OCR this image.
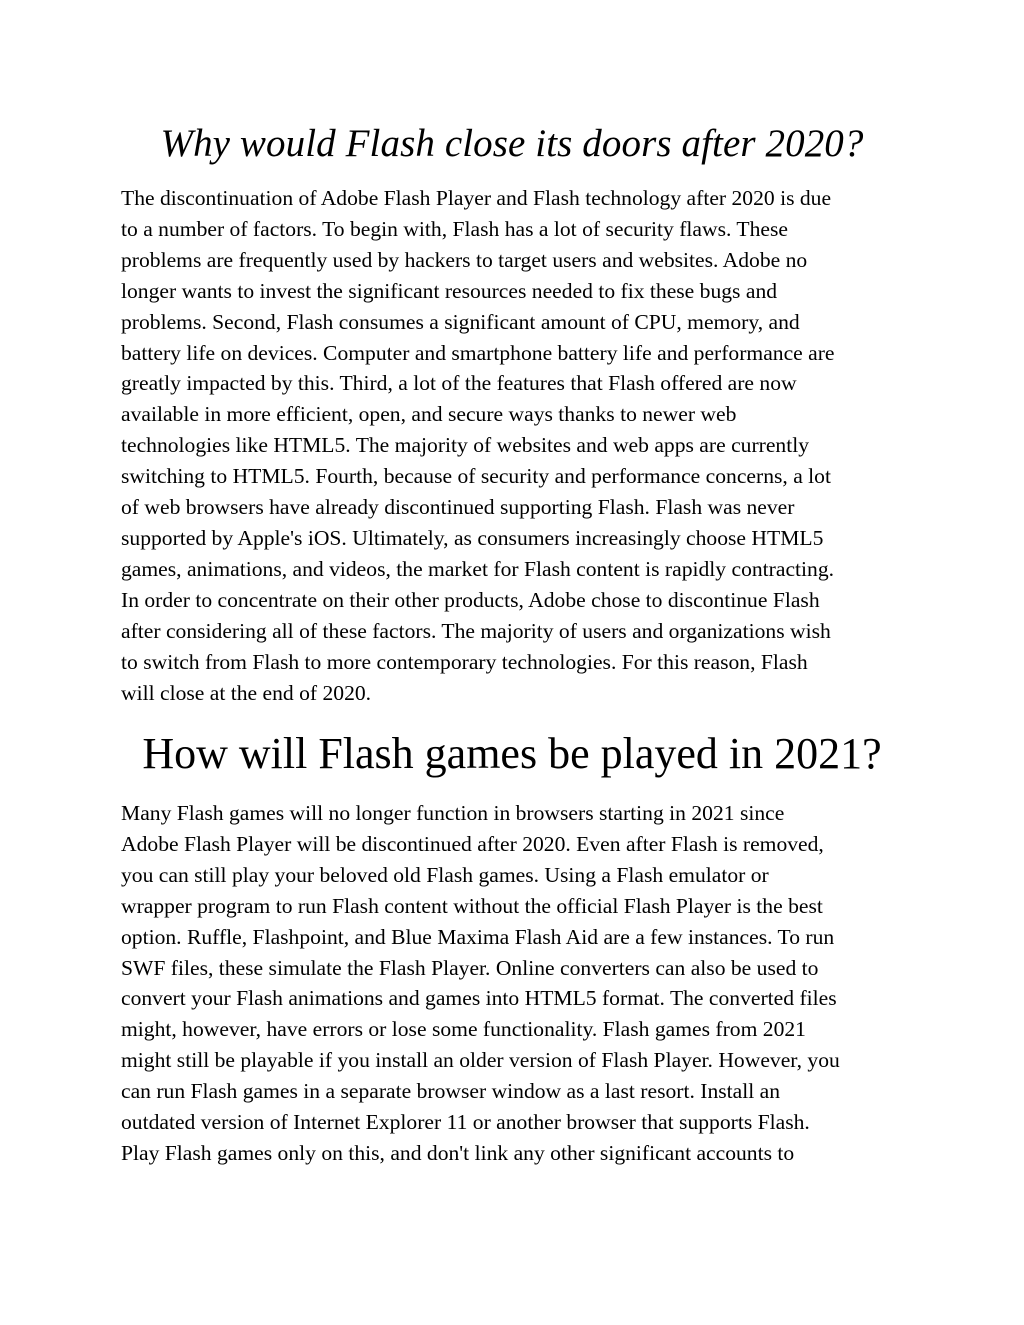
Why would Flash close its doors after 2020?

The discontinuation of Adobe Flash Player and Flash technology after 2020 is due
to a number of factors. To begin with, Flash has a lot of security flaws. These
problems are frequently used by hackers to target users and websites. Adobe no
longer wants to invest the significant resources needed to fix these bugs and
problems. Second, Flash consumes a significant amount of CPU, memory, and
battery life on devices. Computer and smartphone battery life and performance are
greatly impacted by this. Third, a lot of the features that Flash offered are now
available in more efficient, open, and secure ways thanks to newer web
technologies like HTML5. The majority of websites and web apps are currently
switching to HTML5. Fourth, because of security and performance concerns, a lot
of web browsers have already discontinued supporting Flash. Flash was never
supported by Apple's iOS. Ultimately, as consumers increasingly choose HTML5
games, animations, and videos, the market for Flash content is rapidly contracting.
In order to concentrate on their other products, Adobe chose to discontinue Flash
after considering all of these factors. The majority of users and organizations wish
to switch from Flash to more contemporary technologies. For this reason, Flash
will close at the end of 2020.

How will Flash games be played in 2021?

Many Flash games will no longer function in browsers starting in 2021 since
Adobe Flash Player will be discontinued after 2020. Even after Flash is removed,
you can still play your beloved old Flash games. Using a Flash emulator or
wrapper program to run Flash content without the official Flash Player is the best
option. Ruffle, Flashpoint, and Blue Maxima Flash Aid are a few instances. To run
SWF files, these simulate the Flash Player. Online converters can also be used to
convert your Flash animations and games into HTML5 format. The converted files
might, however, have errors or lose some functionality. Flash games from 2021
might still be playable if you install an older version of Flash Player. However, you
can run Flash games in a separate browser window as a last resort. Install an
outdated version of Internet Explorer 11 or another browser that supports Flash.
Play Flash games only on this, and don't link any other significant accounts to
